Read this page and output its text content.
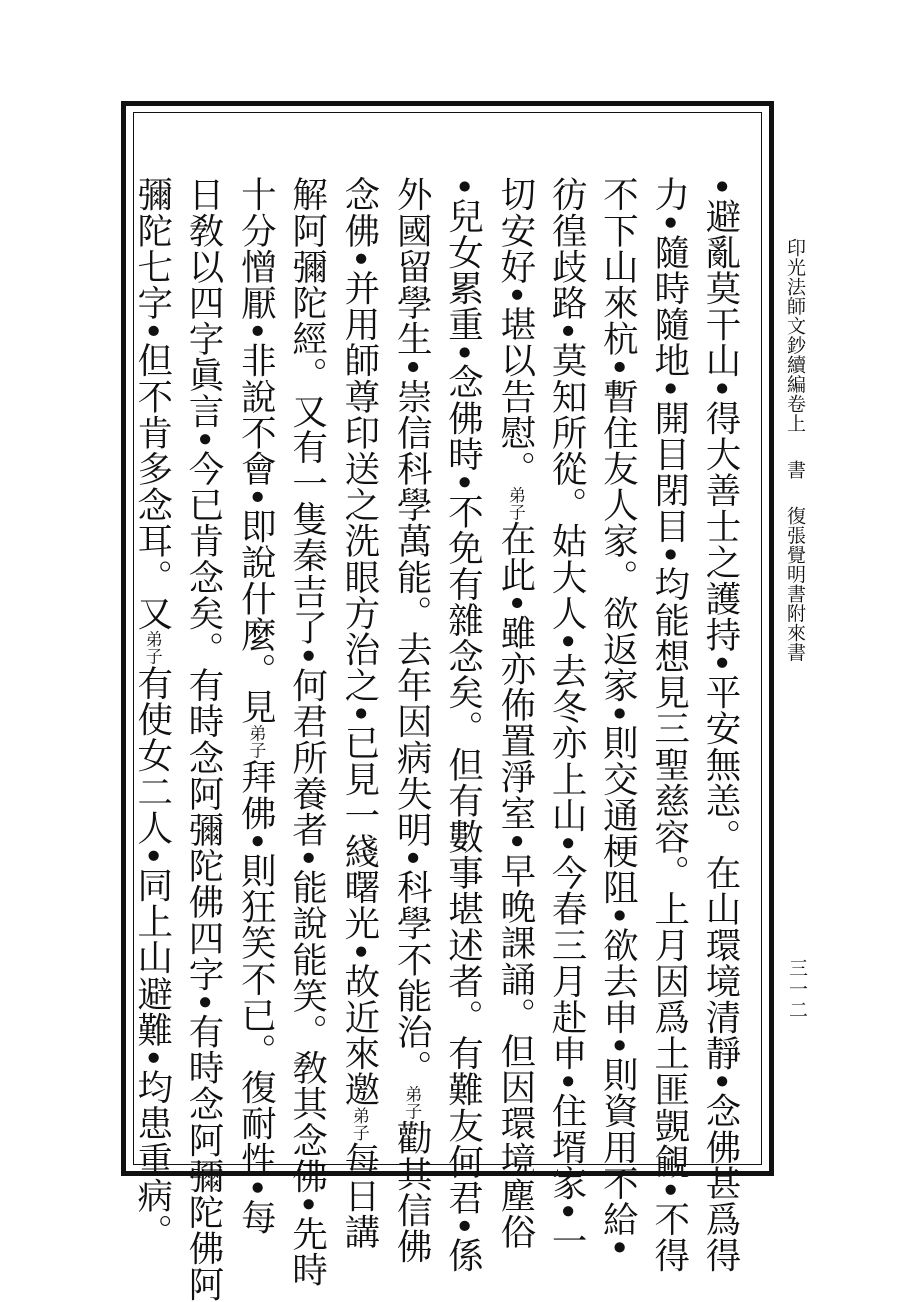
印光法師文鈔續編卷上 書 復張覺明書附來書
三一二
•避亂莫干山•得大善士之護持•平安無恙。在山環境清靜•念佛甚爲得
力•隨時隨地•開目閉目•均能想見三聖慈容。上月因爲土匪覬覦•不得
不下山來杭•暫住友人家。欲返家•則交通梗阻•欲去申•則資用不給•
彷徨歧路•莫知所從。姑大人•去冬亦上山•今春三月赴申•住壻家•一
切安好•堪以告慰。弟子在此•雖亦佈置淨室•早晚課誦。但因環境塵俗
•兒女累重•念佛時•不免有雜念矣。但有數事堪述者。有難友何君•係
外國留學生•崇信科學萬能。去年因病失明•科學不能治。弟子勸其信佛
念佛•并用師尊印送之洗眼方治之•已見一綫曙光•故近來邀弟子每日講
解阿彌陀經。又有一隻秦吉了•何君所養者•能說能笑。敎其念佛•先時
十分憎厭•非說不會•即說什麼。見弟子拜佛•則狂笑不已。復耐性•每
日敎以四字眞言•今已肯念矣。有時念阿彌陀佛四字•有時念阿彌陀佛阿
彌陀七字•但不肯多念耳。又弟子有使女二人•同上山避難•均患重病。
